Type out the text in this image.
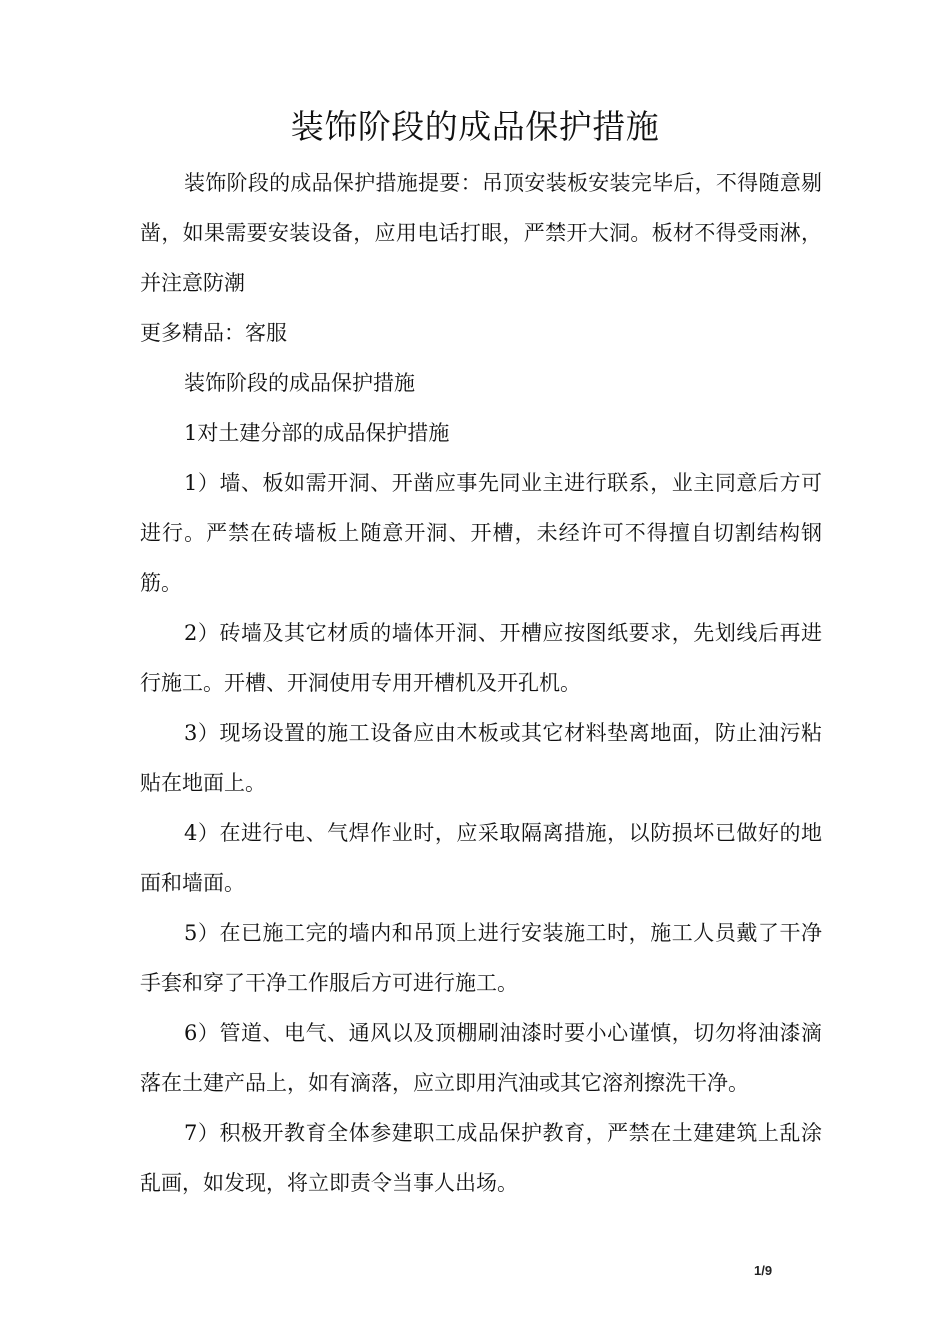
装饰阶段的成品保护措施

装饰阶段的成品保护措施提要：吊顶安装板安装完毕后，不得随意剔凿，如果需要安装设备，应用电话打眼，严禁开大洞。板材不得受雨淋，并注意防潮

更多精品：客服

装饰阶段的成品保护措施

1对土建分部的成品保护措施

1）墙、板如需开洞、开凿应事先同业主进行联系，业主同意后方可进行。严禁在砖墙板上随意开洞、开槽，未经许可不得擅自切割结构钢筋。

2）砖墙及其它材质的墙体开洞、开槽应按图纸要求，先划线后再进行施工。开槽、开洞使用专用开槽机及开孔机。

3）现场设置的施工设备应由木板或其它材料垫离地面，防止油污粘贴在地面上。

4）在进行电、气焊作业时，应采取隔离措施，以防损坏已做好的地面和墙面。

5）在已施工完的墙内和吊顶上进行安装施工时，施工人员戴了干净手套和穿了干净工作服后方可进行施工。

6）管道、电气、通风以及顶棚刷油漆时要小心谨慎，切勿将油漆滴落在土建产品上，如有滴落，应立即用汽油或其它溶剂擦洗干净。

7）积极开教育全体参建职工成品保护教育，严禁在土建建筑上乱涂乱画，如发现，将立即责令当事人出场。

1/9
